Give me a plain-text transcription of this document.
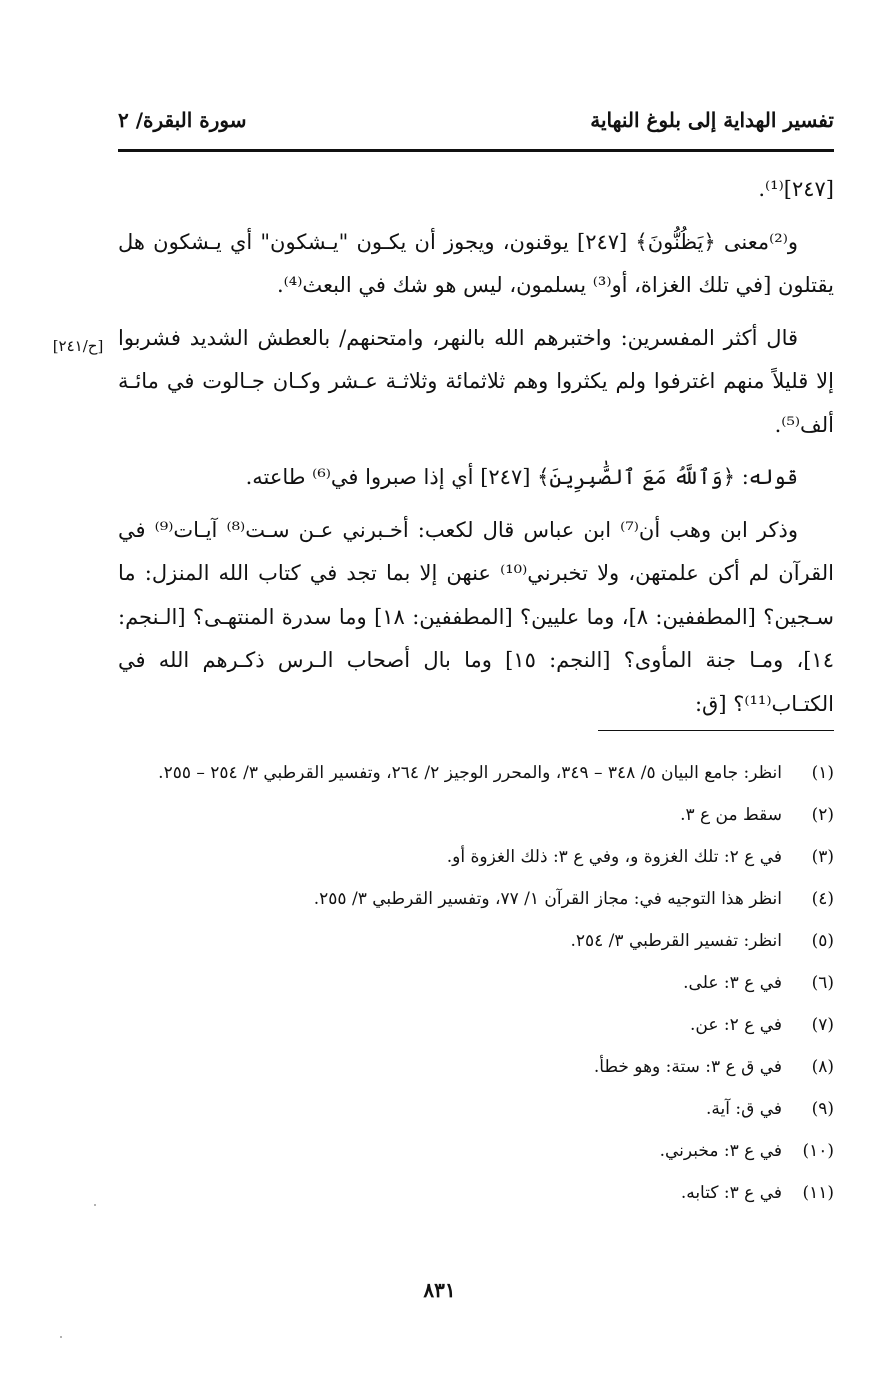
تفسير الهداية إلى بلوغ النهاية
سورة البقرة/ ٢
[ح/٢٤١]

[٢٤٧]⁽¹⁾.

و⁽²⁾معنى ﴿يَظُنُّونَ﴾ [٢٤٧] يوقنون، ويجوز أن يكـون "يـشكون" أي يـشكون هل يقتلون [في تلك الغزاة، أو⁽³⁾ يسلمون، ليس هو شك في البعث⁽⁴⁾.

قال أكثر المفسرين: واختبرهم الله بالنهر، وامتحنهم/ بالعطش الشديد فشربوا إلا قليلاً منهم اغترفوا ولم يكثروا وهم ثلاثمائة وثلاثـة عـشر وكـان جـالوت في مائـة ألف⁽⁵⁾.

قوله: ﴿وَٱللَّهُ مَعَ ٱلصَّٰبِرِينَ﴾ [٢٤٧] أي إذا صبروا في⁽⁶⁾ طاعته.

وذكر ابن وهب أن⁽⁷⁾ ابن عباس قال لكعب: أخـبرني عـن سـت⁽⁸⁾ آيـات⁽⁹⁾ في القرآن لم أكن علمتهن، ولا تخبرني⁽¹⁰⁾ عنهن إلا بما تجد في كتاب الله المنزل: ما سـجين؟ [المطففين: ٨]، وما عليين؟ [المطففين: ١٨] وما سدرة المنتهـى؟ [الـنجم: ١٤]، ومـا جنة المأوى؟ [النجم: ١٥] وما بال أصحاب الـرس ذكـرهم الله في الكتـاب⁽¹¹⁾؟ [ق:

(١)
انظر: جامع البيان ٥/ ٣٤٨ – ٣٤٩، والمحرر الوجيز ٢/ ٢٦٤، وتفسير القرطبي ٣/ ٢٥٤ – ٢٥٥.
(٢)
سقط من ع ٣.
(٣)
في ع ٢: تلك الغزوة و، وفي ع ٣: ذلك الغزوة أو.
(٤)
انظر هذا التوجيه في: مجاز القرآن ١/ ٧٧، وتفسير القرطبي ٣/ ٢٥٥.
(٥)
انظر: تفسير القرطبي ٣/ ٢٥٤.
(٦)
في ع ٣: على.
(٧)
في ع ٢: عن.
(٨)
في ق ع ٣: ستة: وهو خطأ.
(٩)
في ق: آية.
(١٠)
في ع ٣: مخبرني.
(١١)
في ع ٣: كتابه.
٨٣١
